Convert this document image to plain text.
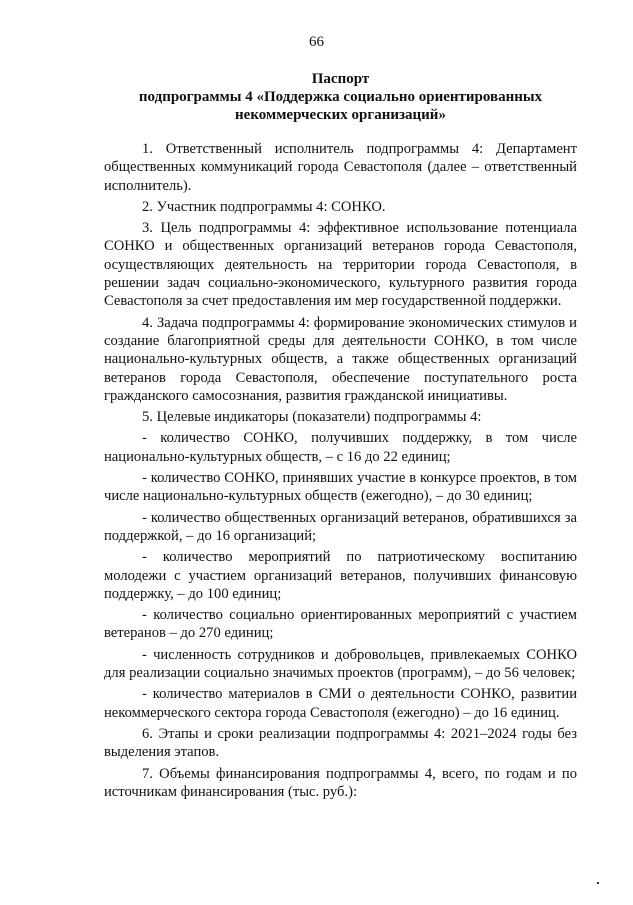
66
Паспорт
подпрограммы 4 «Поддержка социально ориентированных
некоммерческих организаций»

1. Ответственный исполнитель подпрограммы 4: Департамент общественных коммуникаций города Севастополя (далее – ответственный исполнитель).

2. Участник подпрограммы 4: СОНКО.

3. Цель подпрограммы 4: эффективное использование потенциала СОНКО и общественных организаций ветеранов города Севастополя, осуществляющих деятельность на территории города Севастополя, в решении задач социально-экономического, культурного развития города Севастополя за счет предоставления им мер государственной поддержки.

4. Задача подпрограммы 4: формирование экономических стимулов и создание благоприятной среды для деятельности СОНКО, в том числе национально-культурных обществ, а также общественных организаций ветеранов города Севастополя, обеспечение поступательного роста гражданского самосознания, развития гражданской инициативы.

5. Целевые индикаторы (показатели) подпрограммы 4:

- количество СОНКО, получивших поддержку, в том числе национально-культурных обществ, – с 16 до 22 единиц;

- количество СОНКО, принявших участие в конкурсе проектов, в том числе национально-культурных обществ (ежегодно), – до 30 единиц;

- количество общественных организаций ветеранов, обратившихся за поддержкой, – до 16 организаций;

- количество мероприятий по патриотическому воспитанию молодежи с участием организаций ветеранов, получивших финансовую поддержку, – до 100 единиц;

- количество социально ориентированных мероприятий с участием ветеранов – до 270 единиц;

- численность сотрудников и добровольцев, привлекаемых СОНКО для реализации социально значимых проектов (программ), – до 56 человек;

- количество материалов в СМИ о деятельности СОНКО, развитии некоммерческого сектора города Севастополя (ежегодно) – до 16 единиц.

6. Этапы и сроки реализации подпрограммы 4: 2021–2024 годы без выделения этапов.

7. Объемы финансирования подпрограммы 4, всего, по годам и по источникам финансирования (тыс. руб.):
